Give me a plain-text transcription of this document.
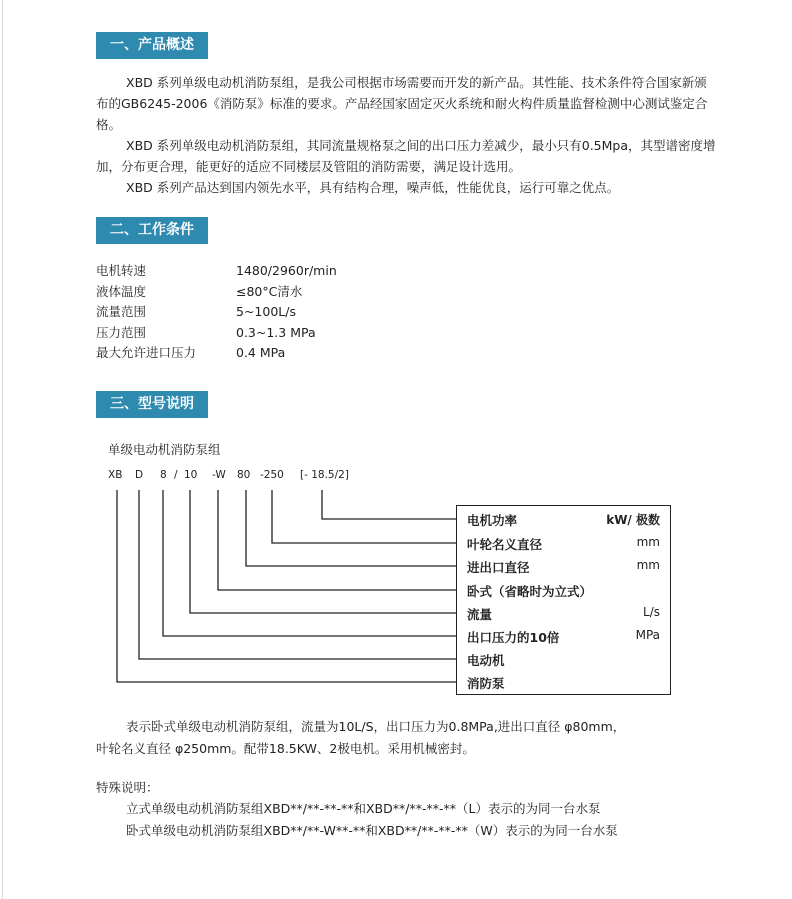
一、产品概述

XBD 系列单级电动机消防泵组，是我公司根据市场需要而开发的新产品。其性能、技术条件符合国家新颁布的GB6245-2006《消防泵》标准的要求。产品经国家固定灭火系统和耐火构件质量监督检测中心测试鉴定合格。

XBD 系列单级电动机消防泵组，其同流量规格泵之间的出口压力差减少，最小只有0.5Mpa，其型谱密度增加，分布更合理，能更好的适应不同楼层及管阻的消防需要，满足设计选用。

XBD 系列产品达到国内领先水平，具有结构合理，噪声低，性能优良，运行可靠之优点。

二、工作条件
电机转速	1480/2960r/min
液体温度	≤80°C清水
流量范围	5~100L/s
压力范围	0.3~1.3 MPa
最大允许进口压力	0.4 MPa
三、型号说明
单级电动机消防泵组
XB D 8 / 10 -W 80 -250 [- 18.5/2]
电机功率	kW/ 极数
叶轮名义直径	mm
进出口直径	mm
卧式（省略时为立式）
流量	L/s
出口压力的10倍	MPa
电动机
消防泵

表示卧式单级电动机消防泵组，流量为10L/S，出口压力为0.8MPa,进出口直径 φ80mm，

叶轮名义直径 φ250mm。配带18.5KW、2极电机。采用机械密封。

特殊说明：

立式单级电动机消防泵组XBD**/**-**-**和XBD**/**-**-**（L）表示的为同一台水泵

卧式单级电动机消防泵组XBD**/**-W**-**和XBD**/**-**-**（W）表示的为同一台水泵
